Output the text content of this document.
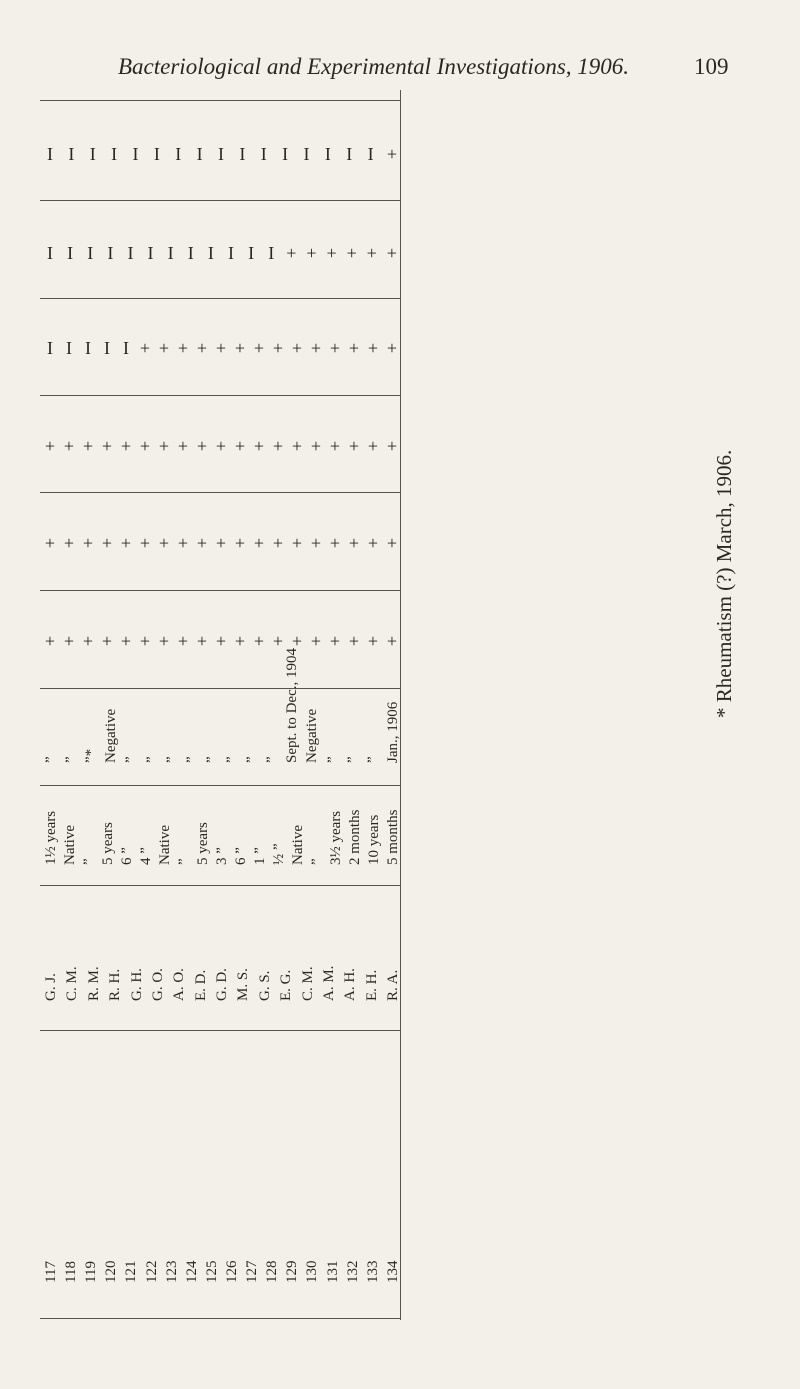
Bacteriological and Experimental Investigations, 1906.	109
I I I I I I I I I I I I I I I I +
I I I I I I I I I I I I + + + + + +
I I I I I + + + + + + + + + + + + + +
+ + + + + + + + + + + + + + + + + + +
+ + + + + + + + + + + + + + + + + + +
+ + + + + + + + + + + + + + + + + + +
” ” ”* Negative ” ” ” ” ” ” ” ” Sept. to Dec., 1904 Negative ” ” ” Jan., 1906
1½ years Native ” 5 years 6 ” 4 ” Native ” 5 years 3 ” 6 ” 1 ” ½ ” Native ” 3½ years 2 months 10 years 5 months
G. J. C. M. R. M. R. H. G. H. G. O. A. O. E. D. G. D. M. S. G. S. E. G. C. M. A. M. A. H. E. H. R. A.
117 118 119 120 121 122 123 124 125 126 127 128 129 130 131 132 133 134
* Rheumatism (?) March, 1906.
